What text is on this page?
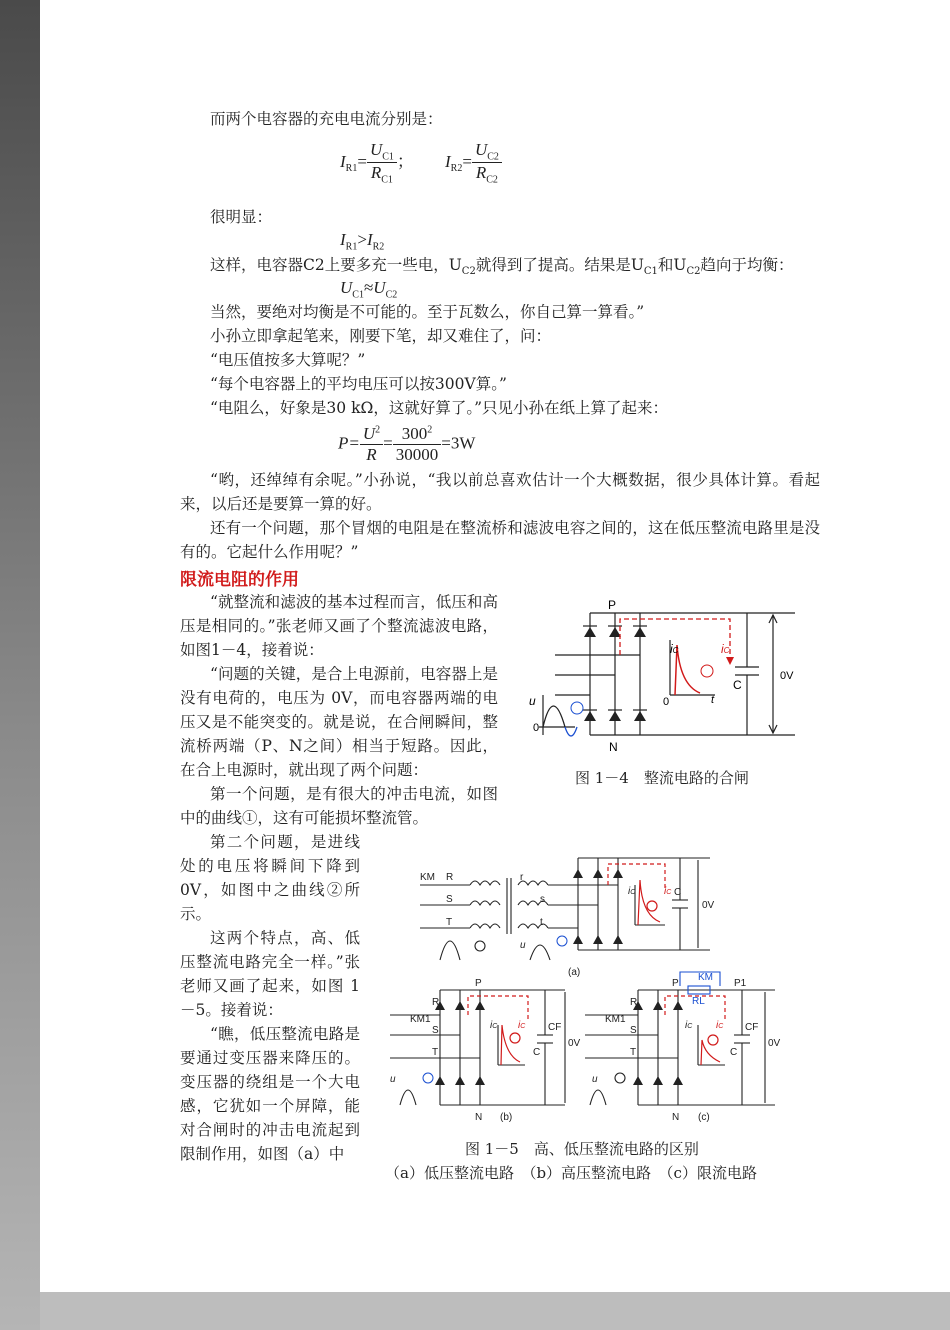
而两个电容器的充电电流分别是：
$I_{R1}= \frac{U_{C1}}{R_{C1}}$ ； $I_{R2}= \frac{U_{C2}}{R_{C2}}$
很明显：
$I_{R1}>I_{R2}$
这样，电容器C2上要多充一些电，$U_{C2}$就得到了提高。结果是$U_{C1}$和$U_{C2}$趋向于均衡：
$U_{C1}\approx U_{C2}$
当然，要绝对均衡是不可能的。至于瓦数么，你自己算一算看。”
小孙立即拿起笔来，刚要下笔，却又难住了，问：
“电压值按多大算呢？”
“每个电容器上的平均电压可以按300V算。”
“电阻么，好象是30 kΩ，这就好算了。”只见小孙在纸上算了起来：
$P= \frac{U^2}{R} = \frac{300^2}{30000} =3W$
“哟，还绰绰有余呢。”小孙说，“我以前总喜欢估计一个大概数据，很少具体计算。看起来，以后还是要算一算的好。
还有一个问题，那个冒烟的电阻是在整流桥和滤波电容之间的，这在低压整流电路里是没有的。它起什么作用呢？”
限流电阻的作用
“就整流和滤波的基本过程而言，低压和高压是相同的。”张老师又画了个整流滤波电路，如图1－4，接着说：
“问题的关键，是合上电源前，电容器上是没有电荷的，电压为 0V，而电容器两端的电压又是不能突变的。就是说，在合闸瞬间，整流桥两端（P、N之间）相当于短路。因此，在合上电源时，就出现了两个问题：
第一个问题，是有很大的冲击电流，如图中的曲线①，这有可能损坏整流管。
第二个问题，是进线处的电压将瞬间下降到0V，如图中之曲线②所示。
这两个特点，高、低压整流电路完全一样。”张老师又画了起来，如图 1－5。接着说：
“瞧，低压整流电路是要通过变压器来降压的。变压器的绕组是一个大电感，它犹如一个屏障，能对合闸时的冲击电流起到限制作用，如图（a）中
P
N
iC	iC
C
0V
u
0
0	t
图 1－4　整流电路的合闸
KM R
S
T
r
s
t
C
0V
iC	iC
(a)
KM1
R
S
T
P
N
CF
C
0V
iC iC
(b)
KM1
R
S
T
P	P1
KM
RL
N
CF
C
0V
iC iC
(c)
u
u	u
图 1－5　高、低压整流电路的区别
（a）低压整流电路　（b）高压整流电路　（c）限流电路
